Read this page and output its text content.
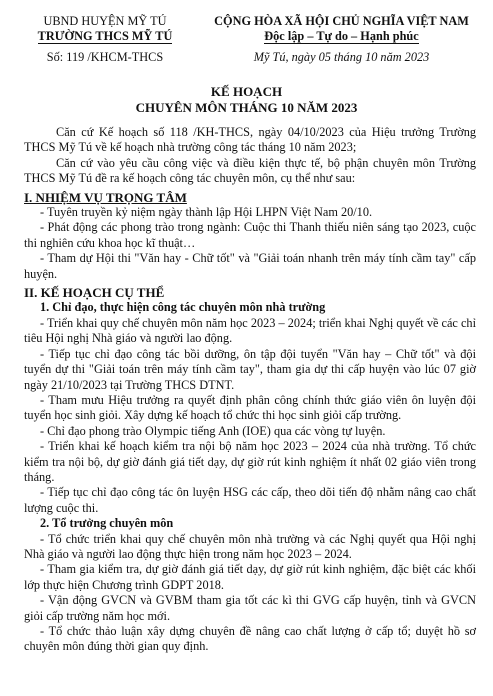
UBND HUYỆN MỸ TÚ
TRƯỜNG THCS MỸ TÚ
Số: 119 /KHCM-THCS
CỘNG HÒA XÃ HỘI CHỦ NGHĨA VIỆT NAM
Độc lập – Tự do – Hạnh phúc
Mỹ Tú, ngày 05 tháng 10 năm 2023
KẾ HOẠCH
CHUYÊN MÔN THÁNG 10 NĂM 2023

Căn cứ Kế hoạch số 118 /KH-THCS, ngày 04/10/2023 của Hiệu trưởng Trường THCS Mỹ Tú về kế hoạch nhà trường công tác tháng 10 năm 2023;

Căn cứ vào yêu cầu công việc và điều kiện thực tế, bộ phận chuyên môn Trường THCS Mỹ Tú đề ra kế hoạch công tác chuyên môn, cụ thể như sau:

I. NHIỆM VỤ TRỌNG TÂM

- Tuyên truyền kỷ niệm ngày thành lập Hội LHPN Việt Nam 20/10.

- Phát động các phong trào trong ngành: Cuộc thi Thanh thiếu niên sáng tạo 2023, cuộc thi nghiên cứu khoa học kĩ thuật…

- Tham dự Hội thi "Văn hay - Chữ tốt" và "Giải toán nhanh trên máy tính cầm tay" cấp huyện.

II. KẾ HOẠCH CỤ THỂ

1. Chỉ đạo, thực hiện công tác chuyên môn nhà trường

- Triển khai quy chế chuyên môn năm học 2023 – 2024; triển khai Nghị quyết về các chỉ tiêu Hội nghị Nhà giáo và người lao động.

- Tiếp tục chỉ đạo công tác bồi dưỡng, ôn tập đội tuyển "Văn hay – Chữ tốt" và đội tuyển dự thi "Giải toán trên máy tính cầm tay", tham gia dự thi cấp huyện vào lúc 07 giờ ngày 21/10/2023 tại Trường THCS DTNT.

- Tham mưu Hiệu trưởng ra quyết định phân công chính thức giáo viên ôn luyện đội tuyển học sinh giỏi. Xây dựng kế hoạch tổ chức thi học sinh giỏi cấp trường.

- Chỉ đạo phong trào Olympic tiếng Anh (IOE) qua các vòng tự luyện.

- Triển khai kế hoạch kiểm tra nội bộ năm học 2023 – 2024 của nhà trường. Tổ chức kiểm tra nội bộ, dự giờ đánh giá tiết dạy, dự giờ rút kinh nghiệm ít nhất 02 giáo viên trong tháng.

- Tiếp tục chỉ đạo công tác ôn luyện HSG các cấp, theo dõi tiến độ nhằm nâng cao chất lượng cuộc thi.

2. Tổ trưởng chuyên môn

- Tổ chức triển khai quy chế chuyên môn nhà trường và các Nghị quyết qua Hội nghị Nhà giáo và người lao động thực hiện trong năm học 2023 – 2024.

- Tham gia kiểm tra, dự giờ đánh giá tiết dạy, dự giờ rút kinh nghiệm, đặc biệt các khối lớp thực hiện Chương trình GDPT 2018.

- Vận động GVCN và GVBM tham gia tốt các kì thi GVG cấp huyện, tỉnh và GVCN giỏi cấp trường năm học mới.

- Tổ chức thảo luận xây dựng chuyên đề nâng cao chất lượng ở cấp tổ; duyệt hồ sơ chuyên môn đúng thời gian quy định.
